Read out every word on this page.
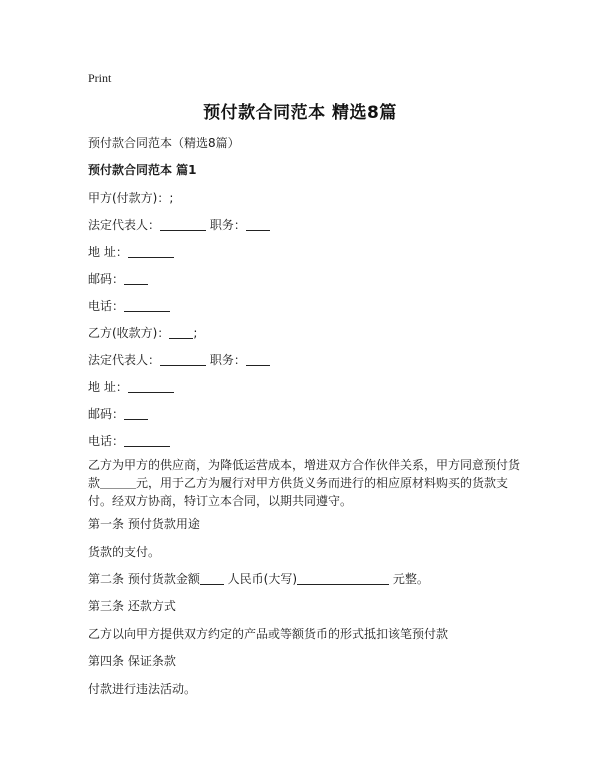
Print
预付款合同范本 精选8篇
预付款合同范本（精选8篇）
预付款合同范本 篇1
甲方(付款方)：;
法定代表人：	职务：
地 址：
邮码：
电话：
乙方(收款方)： ;
法定代表人：	职务：
地 址：
邮码：
电话：
乙方为甲方的供应商，为降低运营成本，增进双方合作伙伴关系，甲方同意预付货款＿＿＿元，用于乙方为履行对甲方供货义务而进行的相应原材料购买的货款支付。经双方协商，特订立本合同，以期共同遵守。
第一条 预付货款用途
货款的支付。
第二条 预付货款金额 人民币(大写)	元整。
第三条 还款方式
乙方以向甲方提供双方约定的产品或等额货币的形式抵扣该笔预付款
第四条 保证条款
付款进行违法活动。
